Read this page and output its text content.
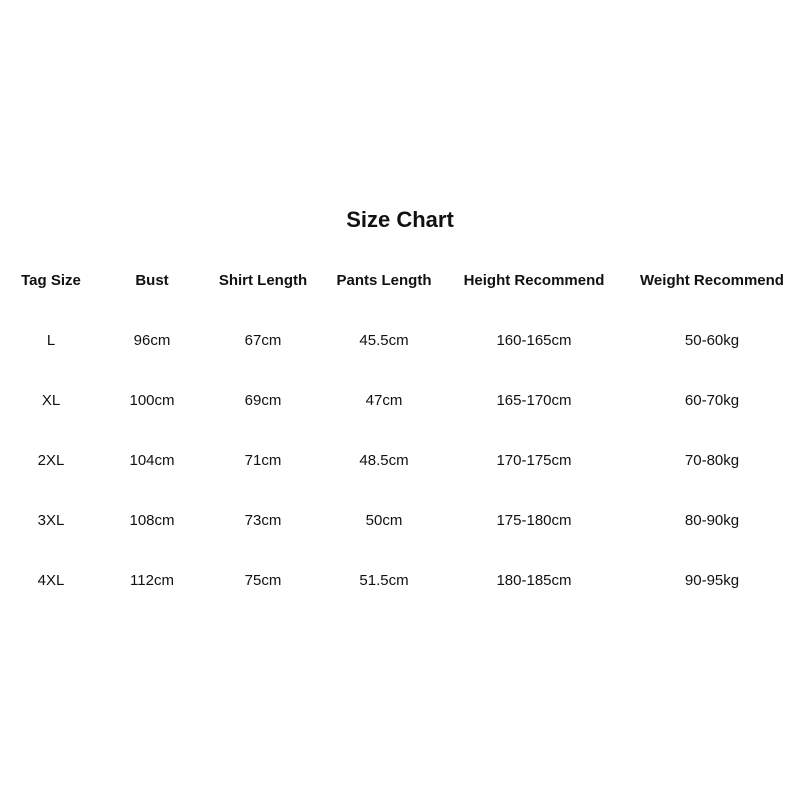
Size Chart
Tag Size	Bust	Shirt Length	Pants Length	Height Recommend	Weight Recommend
L	96cm	67cm	45.5cm	160-165cm	50-60kg
XL	100cm	69cm	47cm	165-170cm	60-70kg
2XL	104cm	71cm	48.5cm	170-175cm	70-80kg
3XL	108cm	73cm	50cm	175-180cm	80-90kg
4XL	112cm	75cm	51.5cm	180-185cm	90-95kg
